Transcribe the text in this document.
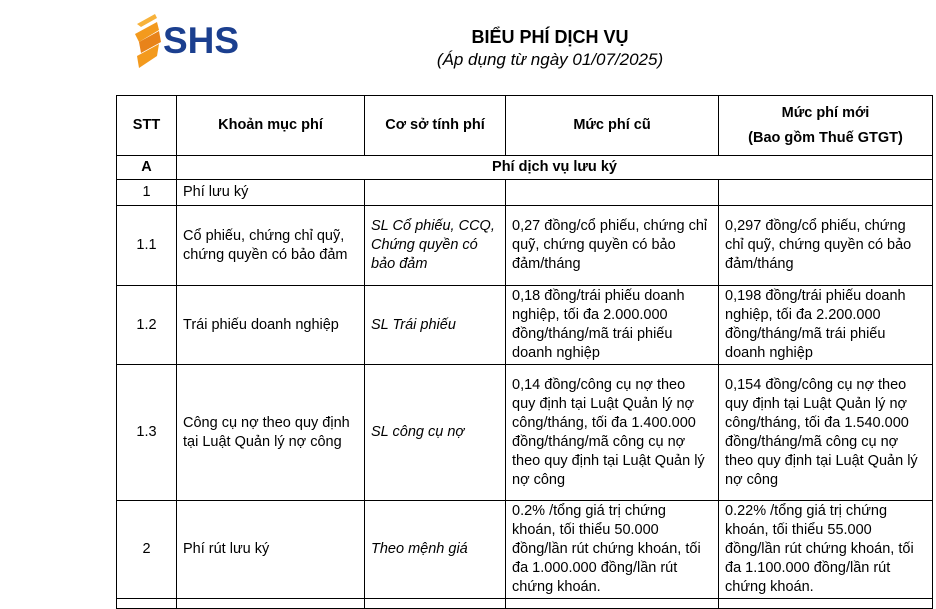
SHS	BIỂU PHÍ DỊCH VỤ
(Áp dụng từ ngày 01/07/2025)
STT	Khoản mục phí	Cơ sở tính phí	Mức phí cũ	Mức phí mới
(Bao gồm Thuế GTGT)

A	Phí dịch vụ lưu ký			
1	Phí lưu ký			
1.1	Cổ phiếu, chứng chỉ quỹ, chứng quyền có bảo đảm	SL Cổ phiếu, CCQ, Chứng quyền có bảo đảm	0,27 đồng/cổ phiếu, chứng chỉ quỹ, chứng quyền có bảo đảm/tháng	0,297 đồng/cổ phiếu, chứng chỉ quỹ, chứng quyền có bảo đảm/tháng
1.2	Trái phiếu doanh nghiệp	SL Trái phiếu	0,18 đồng/trái phiếu doanh nghiệp, tối đa 2.000.000 đồng/tháng/mã trái phiếu doanh nghiệp	0,198 đồng/trái phiếu doanh nghiệp, tối đa 2.200.000 đồng/tháng/mã trái phiếu doanh nghiệp
1.3	Công cụ nợ theo quy định tại Luật Quản lý nợ công	SL công cụ nợ	0,14 đồng/công cụ nợ theo quy định tại Luật Quản lý nợ công/tháng, tối đa 1.400.000 đồng/tháng/mã công cụ nợ theo quy định tại Luật Quản lý nợ công	0,154 đồng/công cụ nợ theo quy định tại Luật Quản lý nợ công/tháng, tối đa 1.540.000 đồng/tháng/mã công cụ nợ theo quy định tại Luật Quản lý nợ công
2	Phí rút lưu ký	Theo mệnh giá	0.2% /tổng giá trị chứng khoán, tối thiểu 50.000 đồng/lần rút chứng khoán, tối đa 1.000.000 đồng/lần rút chứng khoán.	0.22% /tổng giá trị chứng khoán, tối thiểu 55.000 đồng/lần rút chứng khoán, tối đa 1.100.000 đồng/lần rút chứng khoán.
